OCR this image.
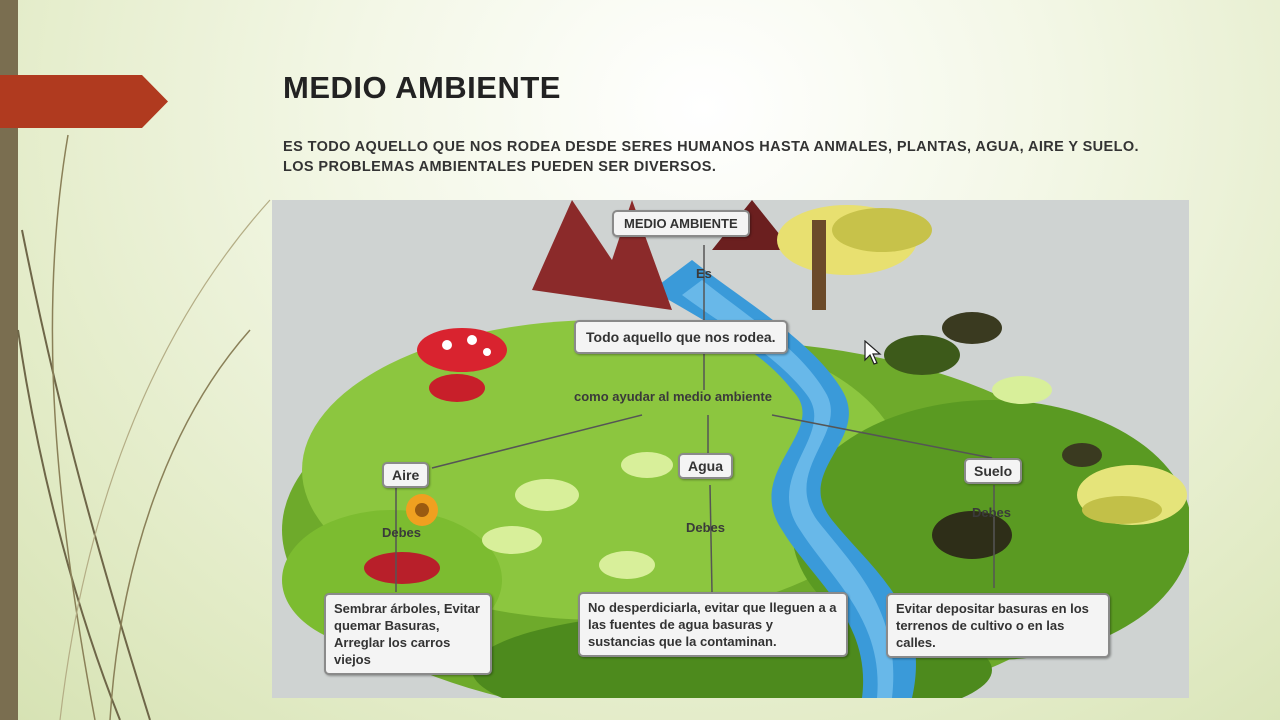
MEDIO AMBIENTE

ES TODO AQUELLO QUE NOS RODEA DESDE SERES HUMANOS HASTA ANMALES, PLANTAS, AGUA, AIRE Y SUELO. LOS PROBLEMAS AMBIENTALES PUEDEN SER DIVERSOS.

MEDIO AMBIENTE
Es
Todo aquello que nos rodea.
como ayudar al medio ambiente
Aire
Agua	Suelo
Debes	Debes
Debes
Sembrar árboles, Evitar quemar Basuras, Arreglar los carros viejos
No desperdiciarla, evitar que lleguen a a las fuentes de agua basuras y sustancias que la contaminan.
Evitar depositar basuras en los terrenos de cultivo o en las calles.
